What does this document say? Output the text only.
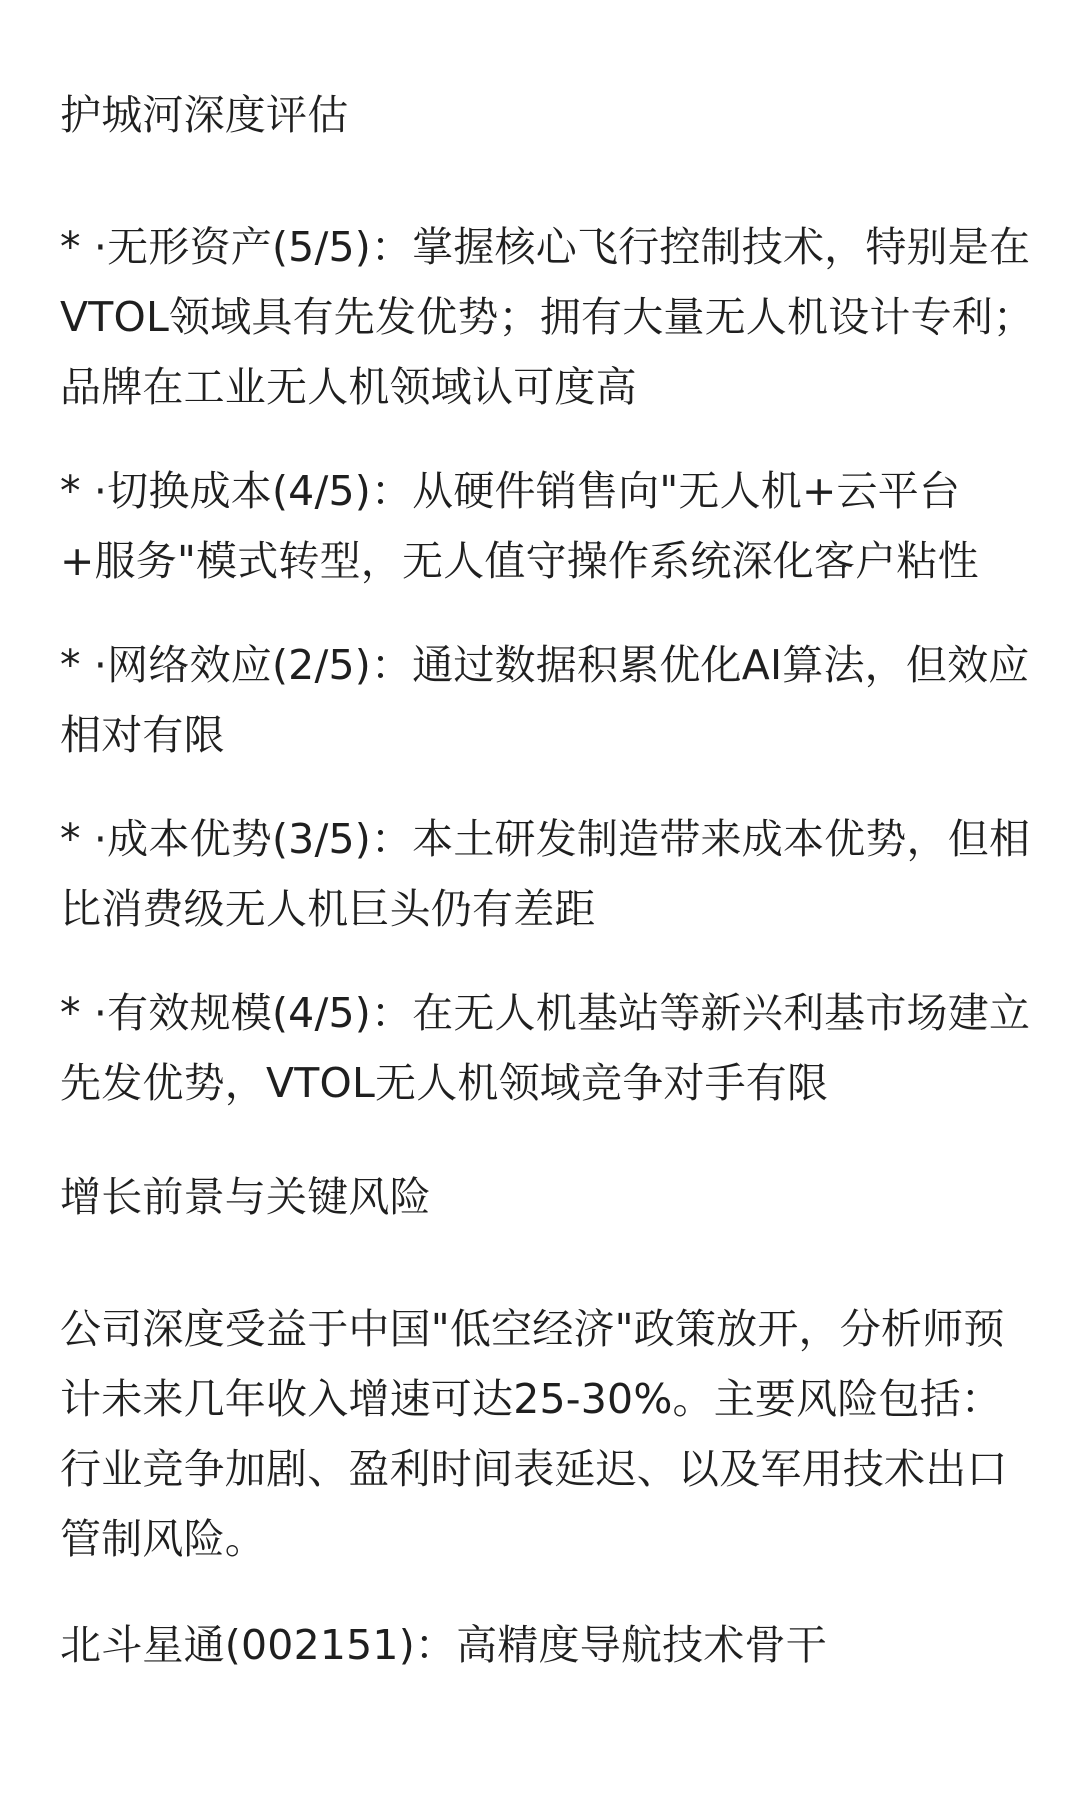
护城河深度评估
* ·无形资产(5/5)：掌握核心飞行控制技术，特别是在VTOL领域具有先发优势；拥有大量无人机设计专利；品牌在工业无人机领域认可度高
* ·切换成本(4/5)：从硬件销售向"无人机+云平台+服务"模式转型，无人值守操作系统深化客户粘性
* ·网络效应(2/5)：通过数据积累优化AI算法，但效应相对有限
* ·成本优势(3/5)：本土研发制造带来成本优势，但相比消费级无人机巨头仍有差距
* ·有效规模(4/5)：在无人机基站等新兴利基市场建立先发优势，VTOL无人机领域竞争对手有限
增长前景与关键风险
公司深度受益于中国"低空经济"政策放开，分析师预计未来几年收入增速可达25-30%。主要风险包括：行业竞争加剧、盈利时间表延迟、以及军用技术出口管制风险。
北斗星通(002151)：高精度导航技术骨干
